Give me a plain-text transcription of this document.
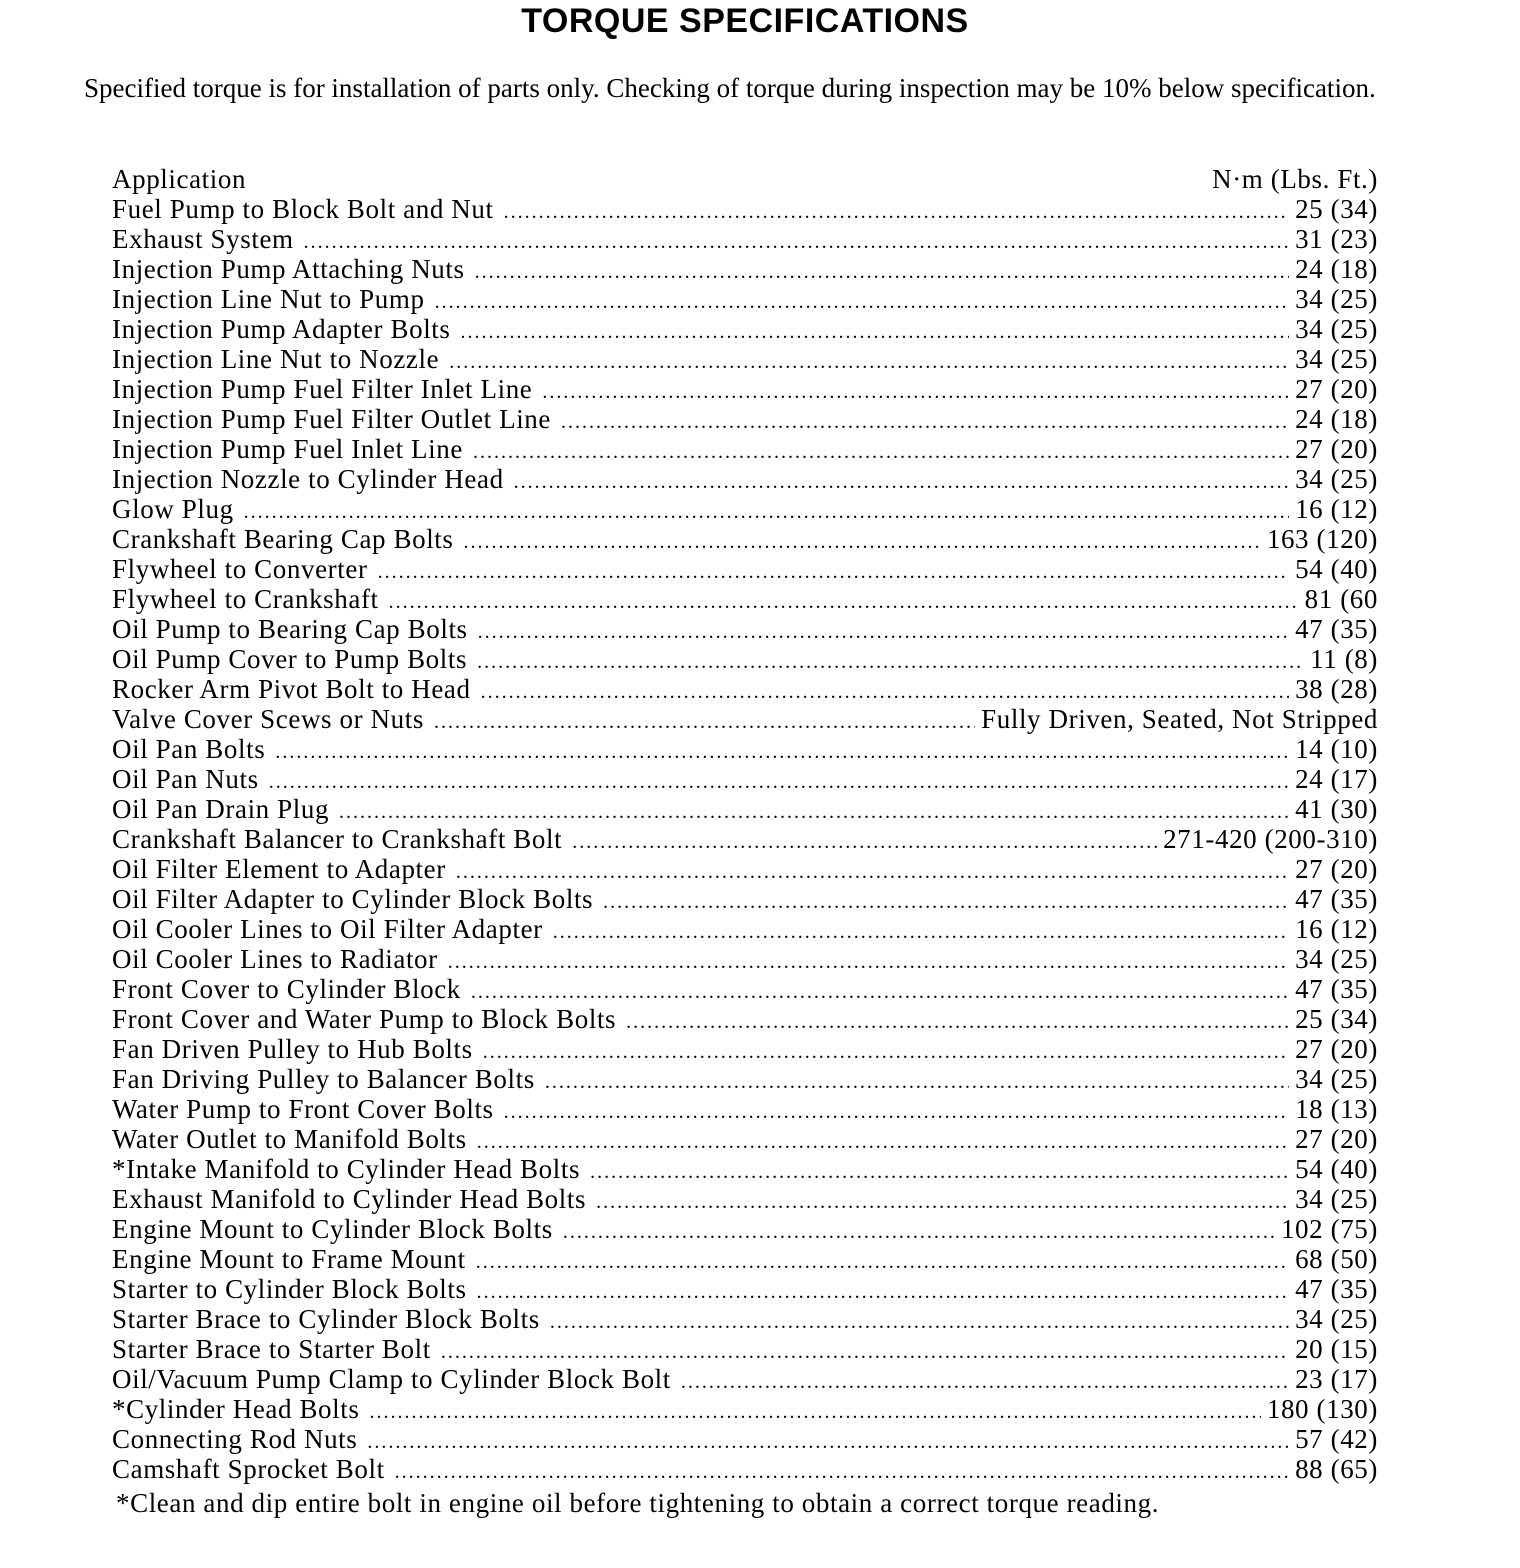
TORQUE SPECIFICATIONS
Specified torque is for installation of parts only. Checking of torque during inspection may be 10% below specification.
Application	N·m (Lbs. Ft.)
Fuel Pump to Block Bolt and Nut .....	25 (34)
Exhaust System .....	31 (23)
Injection Pump Attaching Nuts .....	24 (18)
Injection Line Nut to Pump .....	34 (25)
Injection Pump Adapter Bolts .....	34 (25)
Injection Line Nut to Nozzle .....	34 (25)
Injection Pump Fuel Filter Inlet Line .....	27 (20)
Injection Pump Fuel Filter Outlet Line .....	24 (18)
Injection Pump Fuel Inlet Line .....	27 (20)
Injection Nozzle to Cylinder Head .....	34 (25)
Glow Plug .....	16 (12)
Crankshaft Bearing Cap Bolts .....	163 (120)
Flywheel to Converter .....	54 (40)
Flywheel to Crankshaft .....	81 (60
Oil Pump to Bearing Cap Bolts .....	47 (35)
Oil Pump Cover to Pump Bolts .....	11 (8)
Rocker Arm Pivot Bolt to Head .....	38 (28)
Valve Cover Scews or Nuts .....	Fully Driven, Seated, Not Stripped
Oil Pan Bolts .....	14 (10)
Oil Pan Nuts .....	24 (17)
Oil Pan Drain Plug .....	41 (30)
Crankshaft Balancer to Crankshaft Bolt .....	271-420 (200-310)
Oil Filter Element to Adapter .....	27 (20)
Oil Filter Adapter to Cylinder Block Bolts .....	47 (35)
Oil Cooler Lines to Oil Filter Adapter .....	16 (12)
Oil Cooler Lines to Radiator .....	34 (25)
Front Cover to Cylinder Block .....	47 (35)
Front Cover and Water Pump to Block Bolts .....	25 (34)
Fan Driven Pulley to Hub Bolts .....	27 (20)
Fan Driving Pulley to Balancer Bolts .....	34 (25)
Water Pump to Front Cover Bolts .....	18 (13)
Water Outlet to Manifold Bolts .....	27 (20)
*Intake Manifold to Cylinder Head Bolts .....	54 (40)
Exhaust Manifold to Cylinder Head Bolts .....	34 (25)
Engine Mount to Cylinder Block Bolts .....	102 (75)
Engine Mount to Frame Mount .....	68 (50)
Starter to Cylinder Block Bolts .....	47 (35)
Starter Brace to Cylinder Block Bolts .....	34 (25)
Starter Brace to Starter Bolt .....	20 (15)
Oil/Vacuum Pump Clamp to Cylinder Block Bolt .....	23 (17)
*Cylinder Head Bolts .....	180 (130)
Connecting Rod Nuts .....	57 (42)
Camshaft Sprocket Bolt .....	88 (65)
*Clean and dip entire bolt in engine oil before tightening to obtain a correct torque reading.
